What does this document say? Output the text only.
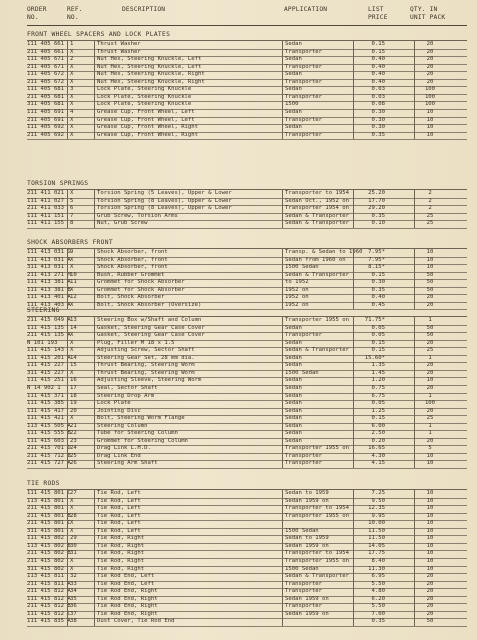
ORDER
NO.
REF.
NO.
DESCRIPTION	APPLICATION	LIST
PRICE
QTY. IN
UNIT PACK
FRONT WHEEL SPACERS AND LOCK PLATES
111 405 661 1	Thrust Washer	Sedan	0.15	20
211 405 661 X	Thrust Washer	Transporter	0.15	20
111 405 671 2	Nut Hex, Steering Knuckle, Left	Sedan	0.40	20
211 405 671 X	Nut Hex, Steering Knuckle, Left	Transporter	0.40	20
111 405 672 X	Nut Hex, Steering Knuckle, Right	Sedan	0.40	20
211 405 672 X	Nut Hex, Steering Knuckle, Right	Transporter	0.40	20
111 405 681 3	Lock Plate, Steering Knuckle	Sedan	0.03	100
211 405 681 X	Lock Plate, Steering Knuckle	Transporter	0.03	100
311 405 681 X	Lock Plate, Steering Knuckle	1500	0.08	100
111 405 691 4	Grease Cup, Front Wheel, Left	Sedan	0.30	10
211 405 691 X	Grease Cup, Front Wheel, Left	Transporter	0.30	10
111 405 692 X	Grease Cup, Front Wheel, Right	Sedan	0.30	10
211 405 692 X	Grease Cup, Front Wheel, Right	Transporter	0.35	10
TORSION SPRINGS
211 411 021 X	Torsion Spring (5 Leaves), Upper & Lower	Transporter to 1954	25.20	2
111 411 027 5	Torsion Spring (8 Leaves), Upper & Lower	Sedan Oct., 1952 on	17.70	2
211 411 033 6	Torsion Spring (8 Leaves), Upper & Lower	Transporter 1954 on	29.20	2
111 411 151 7	Grub Screw, Torsion Arms	Sedan & Transporter	0.35	25
111 411 155 8	Nut, Grub Screw	Sedan & Transporter	0.10	25
SHOCK ABSORBERS FRONT
111 413 031 G 9	Shock Absorber, front	Transp. & Sedan to 1960	7.95*	10
111 413 031 A X	Shock Absorber, front	Sedan from 1960 on	7.95*	10
311 413 031 X	Shock Absorber, front	1500 Sedan	8.15*	10
211 413 271 M 10	Bush, Rubber Grommet	Sedan & Transporter	0.15	50
111 413 381 A 11	Grommet for Shock Absorber	to 1952	0.30	50
111 413 381 B X	Grommet for Shock Absorber	1952 on	0.35	50
111 413 401 A 12	Bolt, Shock Absorber	1952 on	0.40	20
111 413 403 A X	Bolt, Shock Absorber (Oversize)	1952 on	0.45	20
STEERING
211 415 049 A 13	Steering Box w/Shaft and Column	Transporter 1955 on	71.75*	1
111 415 135 14	Gasket, Steering Gear Case Cover	Sedan	0.05	50
211 415 135 A X	Gasket, Steering Gear Case Cover	Transporter	0.05	50
N 101 193 X	Plug, Filler M 18 x 1.5	Sedan	0.15	20
111 415 143 X	Adjusting Screw, Sector Shaft	Sedan & Transporter	0.15	25
111 415 201 A 14	Steering Gear Set, 28 mm dia.	Sedan	15.60*	1
111 415 227 15	Thrust Bearing, Steering Worm	Sedan	1.35	20
311 415 227 X	Thrust Bearing, Steering Worm	1500 Sedan	1.45	20
111 415 251 16	Adjusting Sleeve, Steering Worm	Sedan	1.20	10
N 14 902 1 17	Seal, Sector Shaft	Sedan	0.75	20
111 415 371 18	Steering Drop Arm	Sedan	6.75	1
111 415 385 19	Lock Plate	Sedan	0.05	100
111 415 417 20	Jointing Disc	Sedan	1.25	20
111 415 421 X	Bolt, Steering Worm Flange	Sedan	0.15	25
113 415 505 A 21	Steering Column	Sedan	6.00	1
111 415 555 B 22	Tube for Steering Column	Sedan	2.50	1
111 415 603 23	Grommet for Steering Column	Sedan	0.20	20
211 415 701 D 24	Drag Link L.H.D.	Transporter 1955 on	16.65	5
211 415 712 B 25	Drag Link End	Transporter	4.30	10
211 415 727 A 26	Steering Arm Shaft	Transporter	4.15	10
TIE RODS
111 415 801 C 27	Tie Rod, Left	Sedan to 1959	7.25	10
113 415 801 X	Tie Rod, Left	Sedan 1959 on	9.50	10
211 415 801 X	Tie Rod, Left	Transporter to 1954	12.35	10
211 415 801 B 28	Tie Rod, Left	Transporter 1955 on	9.95	10
211 415 801 C X	Tie Rod, Left	10.00	10
311 415 801 X	Tie Rod, Left	1500 Sedan	11.50	10
111 415 802 29	Tie Rod, Right	Sedan to 1959	11.50	10
113 415 802 B 30	Tie Rod, Right	Sedan 1959 on	14.05	10
211 415 802 B 31	Tie Rod, Right	Transporter to 1954	17.75	10
211 415 802 X	Tie Rod, Right	Transporter 1955 on	8.40	10
311 415 802 X	Tie Rod, Right	1500 Sedan	11.30	10
113 415 811 32	Tie Rod End, Left	Sedan & Transporter	6.95	20
211 415 811 A 33	Tie Rod End, Left	Transporter	5.50	20
211 415 812 A 34	Tie Rod End, Right	Transporter	4.80	20
111 415 812 A 35	Tie Rod End, Right	Sedan 1959 on	6.20	20
211 415 812 B 36	Tie Rod End, Right	Transporter	5.50	20
111 415 812 C 37	Tie Rod End, Right	Sedan 1959 on	7.00	20
111 415 835 A 38	Dust Cover, Tie Rod End	0.35	50
